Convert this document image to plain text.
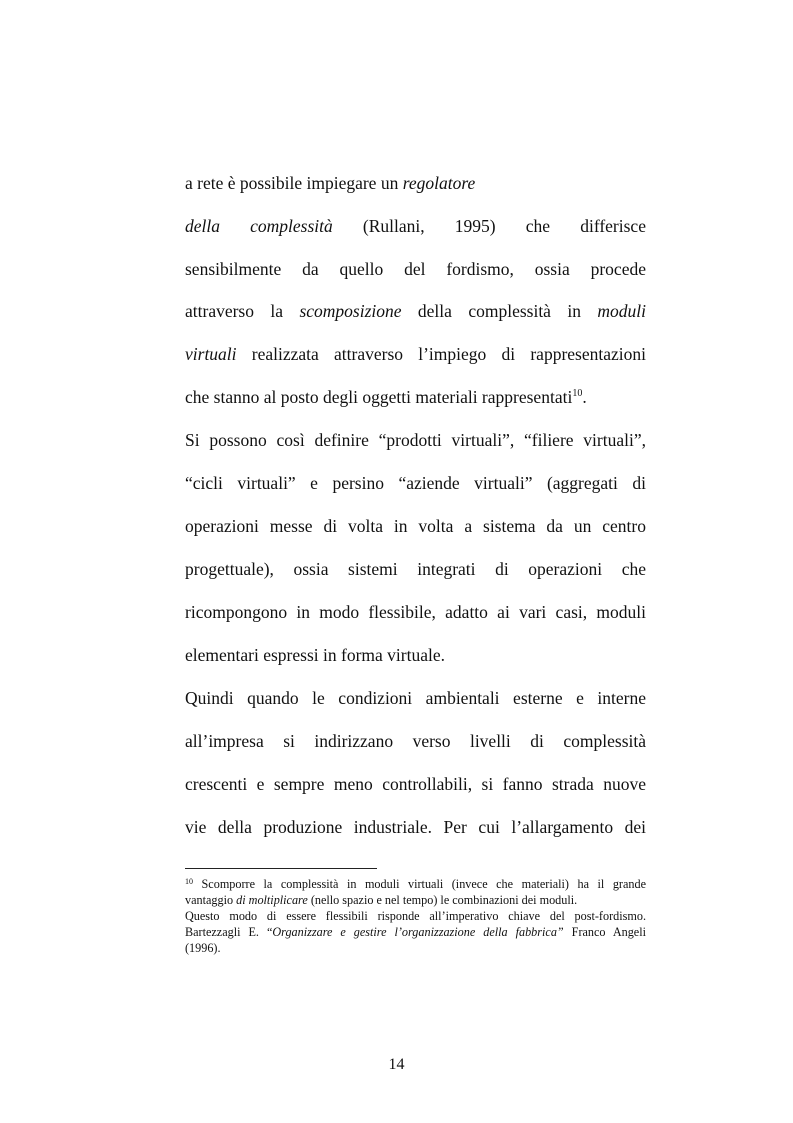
a rete è possibile impiegare un regolatore
della complessità (Rullani, 1995) che differisce
sensibilmente da quello del fordismo, ossia procede
attraverso la scomposizione della complessità in moduli
virtuali realizzata attraverso l’impiego di rappresentazioni
che stanno al posto degli oggetti materiali rappresentati$^{10}$.
Si possono così definire “prodotti virtuali”, “filiere virtuali”,
“cicli virtuali” e persino “aziende virtuali” (aggregati di
operazioni messe di volta in volta a sistema da un centro
progettuale), ossia sistemi integrati di operazioni che
ricompongono in modo flessibile, adatto ai vari casi, moduli
elementari espressi in forma virtuale.
Quindi quando le condizioni ambientali esterne e interne
all’impresa si indirizzano verso livelli di complessità
crescenti e sempre meno controllabili, si fanno strada nuove
vie della produzione industriale. Per cui l’allargamento dei
$^{10}$ Scomporre la complessità in moduli virtuali (invece che materiali) ha il grande
vantaggio di moltiplicare (nello spazio e nel tempo) le combinazioni dei moduli.
Questo modo di essere flessibili risponde all’imperativo chiave del post-fordismo.
Bartezzagli E. “Organizzare e gestire l’organizzazione della fabbrica” Franco Angeli
(1996).
14
